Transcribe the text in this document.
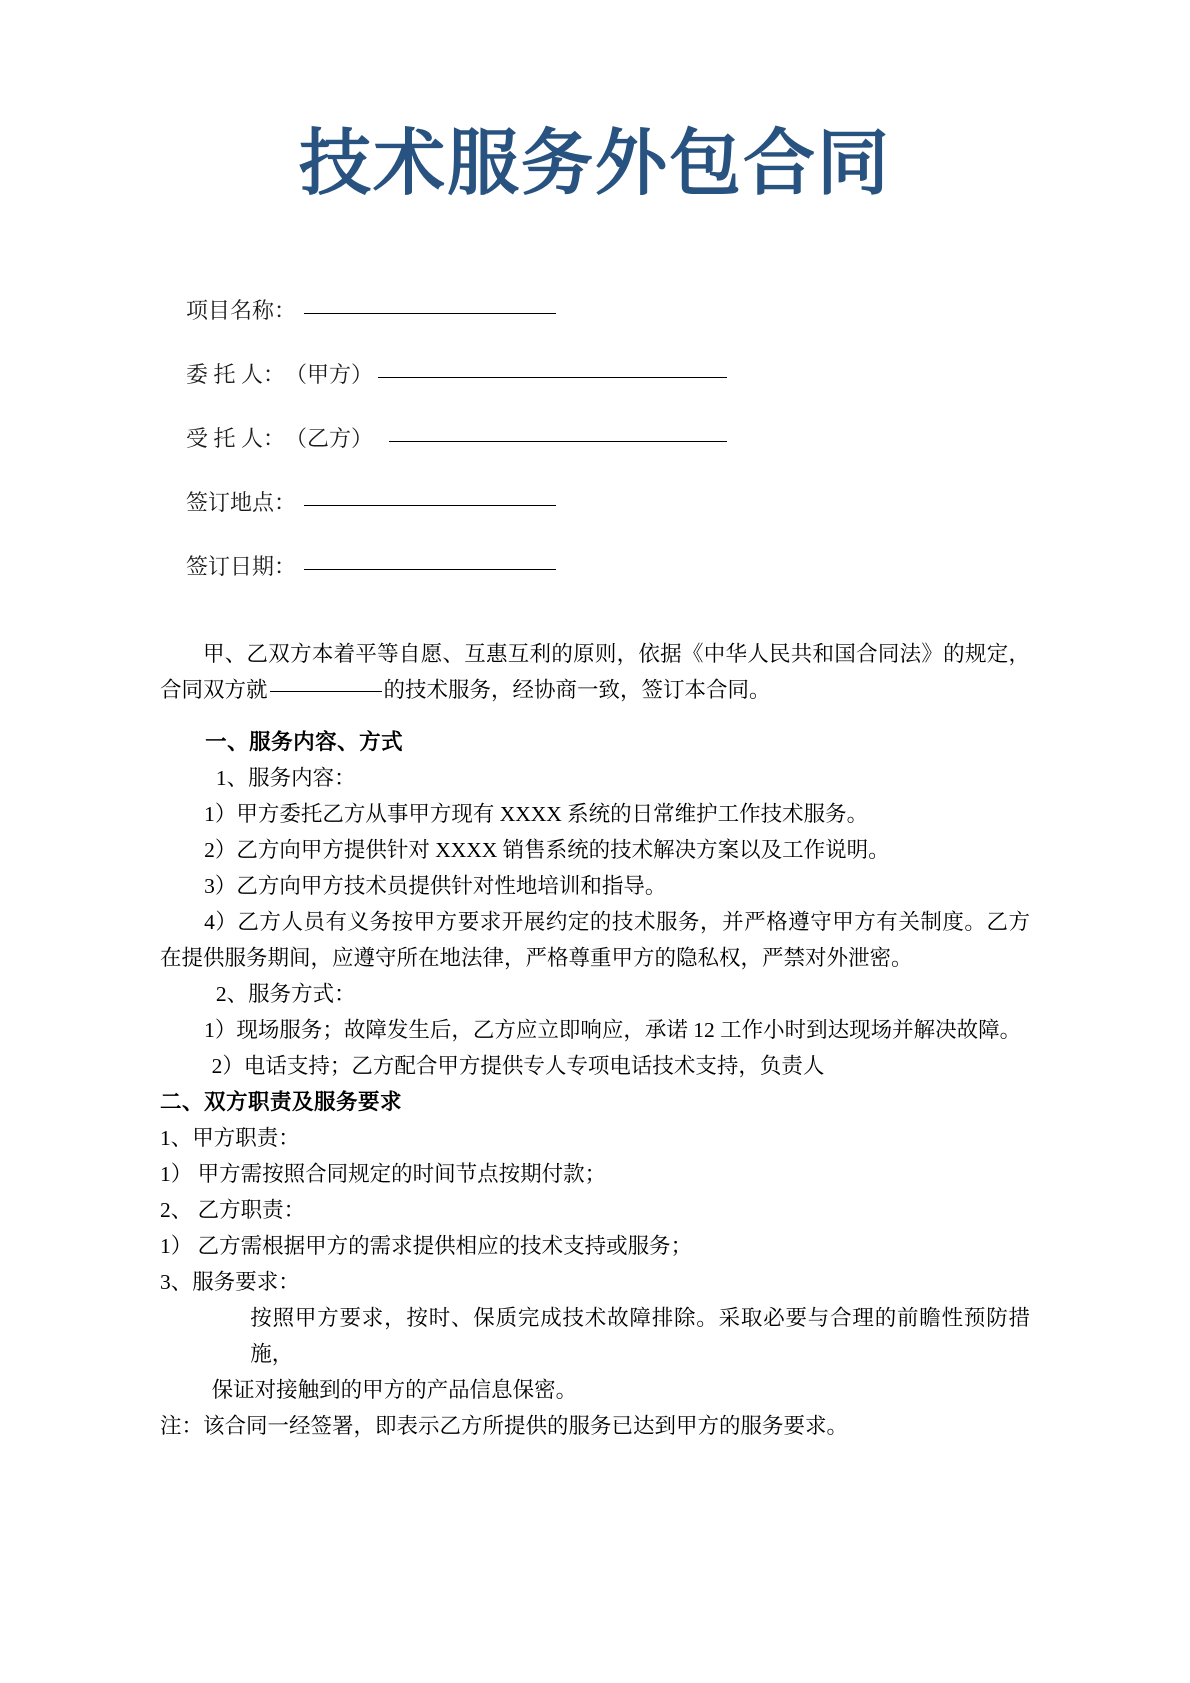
技术服务外包合同
项目名称：
委 托 人： （甲方）
受 托 人： （乙方）
签订地点：
签订日期：

甲、乙双方本着平等自愿、互惠互利的原则，依据《中华人民共和国合同法》的规定，合同双方就	的技术服务，经协商一致，签订本合同。

一、服务内容、方式

1、服务内容：

1）甲方委托乙方从事甲方现有 XXXX 系统的日常维护工作技术服务。

2）乙方向甲方提供针对 XXXX 销售系统的技术解决方案以及工作说明。

3）乙方向甲方技术员提供针对性地培训和指导。

4）乙方人员有义务按甲方要求开展约定的技术服务，并严格遵守甲方有关制度。乙方在提供服务期间，应遵守所在地法律，严格尊重甲方的隐私权，严禁对外泄密。

2、服务方式：

1）现场服务；故障发生后，乙方应立即响应，承诺 12 工作小时到达现场并解决故障。

2）电话支持；乙方配合甲方提供专人专项电话技术支持，负责人

二、双方职责及服务要求

1、甲方职责：

1） 甲方需按照合同规定的时间节点按期付款；

2、 乙方职责：

1） 乙方需根据甲方的需求提供相应的技术支持或服务；

3、服务要求：

按照甲方要求，按时、保质完成技术故障排除。采取必要与合理的前瞻性预防措施，

保证对接触到的甲方的产品信息保密。

注：该合同一经签署，即表示乙方所提供的服务已达到甲方的服务要求。
